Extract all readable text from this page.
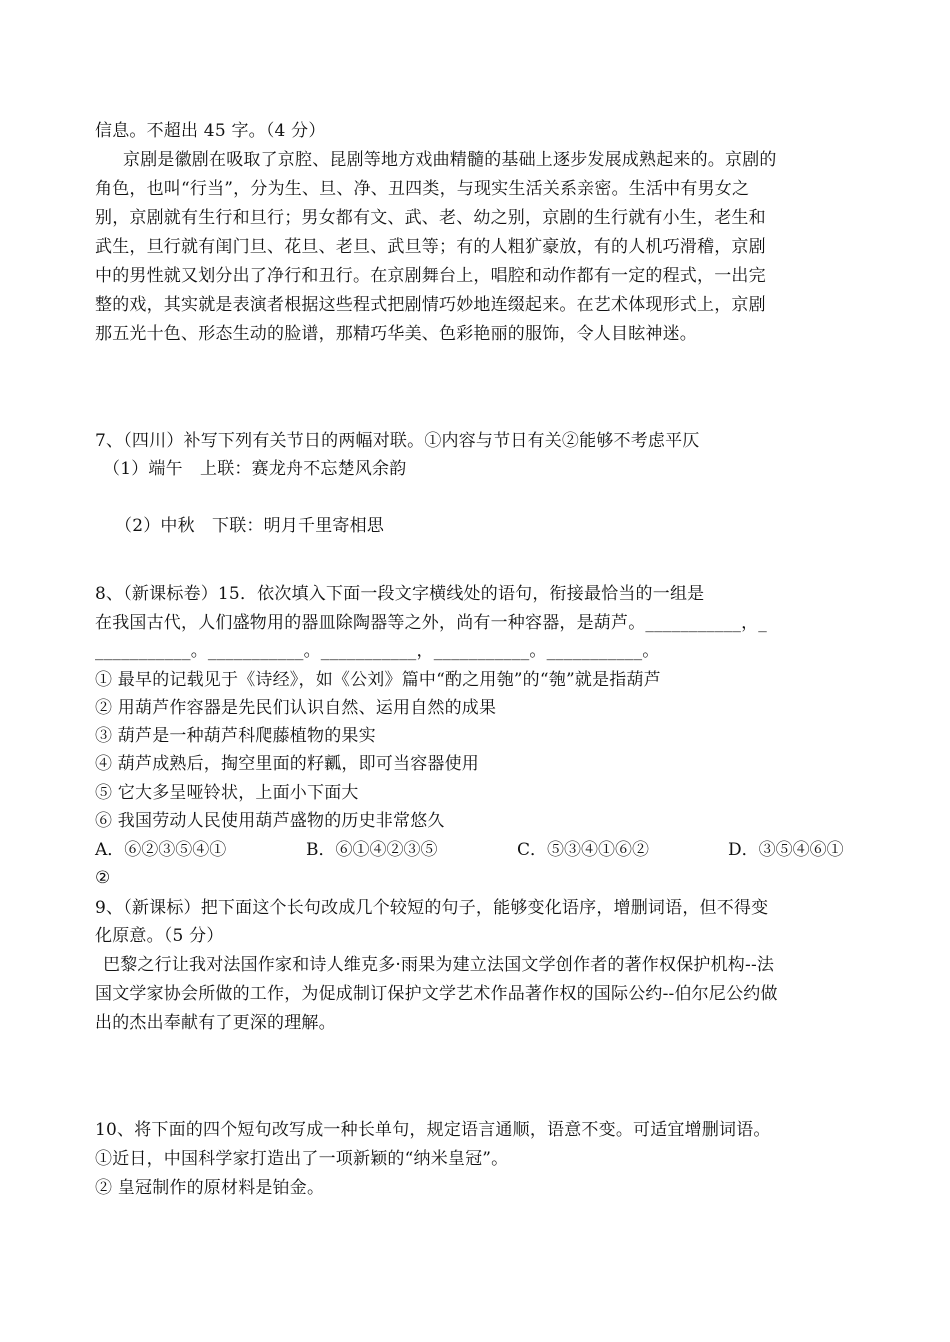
信息。不超出 45 字。（4 分）
京剧是徽剧在吸取了京腔、昆剧等地方戏曲精髓的基础上逐步发展成熟起来的。京剧的
角色，也叫“行当”，分为生、旦、净、丑四类，与现实生活关系亲密。生活中有男女之
别，京剧就有生行和旦行；男女都有文、武、老、幼之别，京剧的生行就有小生，老生和
武生，旦行就有闺门旦、花旦、老旦、武旦等；有的人粗犷豪放，有的人机巧滑稽，京剧
中的男性就又划分出了净行和丑行。在京剧舞台上，唱腔和动作都有一定的程式，一出完
整的戏，其实就是表演者根据这些程式把剧情巧妙地连缀起来。在艺术体现形式上，京剧
那五光十色、形态生动的脸谱，那精巧华美、色彩艳丽的服饰，令人目眩神迷。
7、（四川）补写下列有关节日的两幅对联。①内容与节日有关②能够不考虑平仄
（1）端午　上联：赛龙舟不忘楚风余韵
（2）中秋　下联：明月千里寄相思
8、（新课标卷）15．依次填入下面一段文字横线处的语句，衔接最恰当的一组是
在我国古代，人们盛物用的器皿除陶器等之外，尚有一种容器，是葫芦。___________，_
___________。___________。___________，___________。___________。
① 最早的记载见于《诗经》，如《公刘》篇中“酌之用匏”的“匏”就是指葫芦
② 用葫芦作容器是先民们认识自然、运用自然的成果
③ 葫芦是一种葫芦科爬藤植物的果实
④ 葫芦成熟后，掏空里面的籽瓤，即可当容器使用
⑤ 它大多呈哑铃状，上面小下面大
⑥ 我国劳动人民使用葫芦盛物的历史非常悠久
A．⑥②③⑤④①	B．⑥①④②③⑤	C．⑤③④①⑥②	D．③⑤④⑥①
②
9、（新课标）把下面这个长句改成几个较短的句子，能够变化语序，增删词语，但不得变
化原意。（5 分）
巴黎之行让我对法国作家和诗人维克多·雨果为建立法国文学创作者的著作权保护机构--法
国文学家协会所做的工作，为促成制订保护文学艺术作品著作权的国际公约--伯尔尼公约做
出的杰出奉献有了更深的理解。
10、将下面的四个短句改写成一种长单句，规定语言通顺，语意不变。可适宜增删词语。
①近日，中国科学家打造出了一项新颖的“纳米皇冠”。
② 皇冠制作的原材料是铂金。
